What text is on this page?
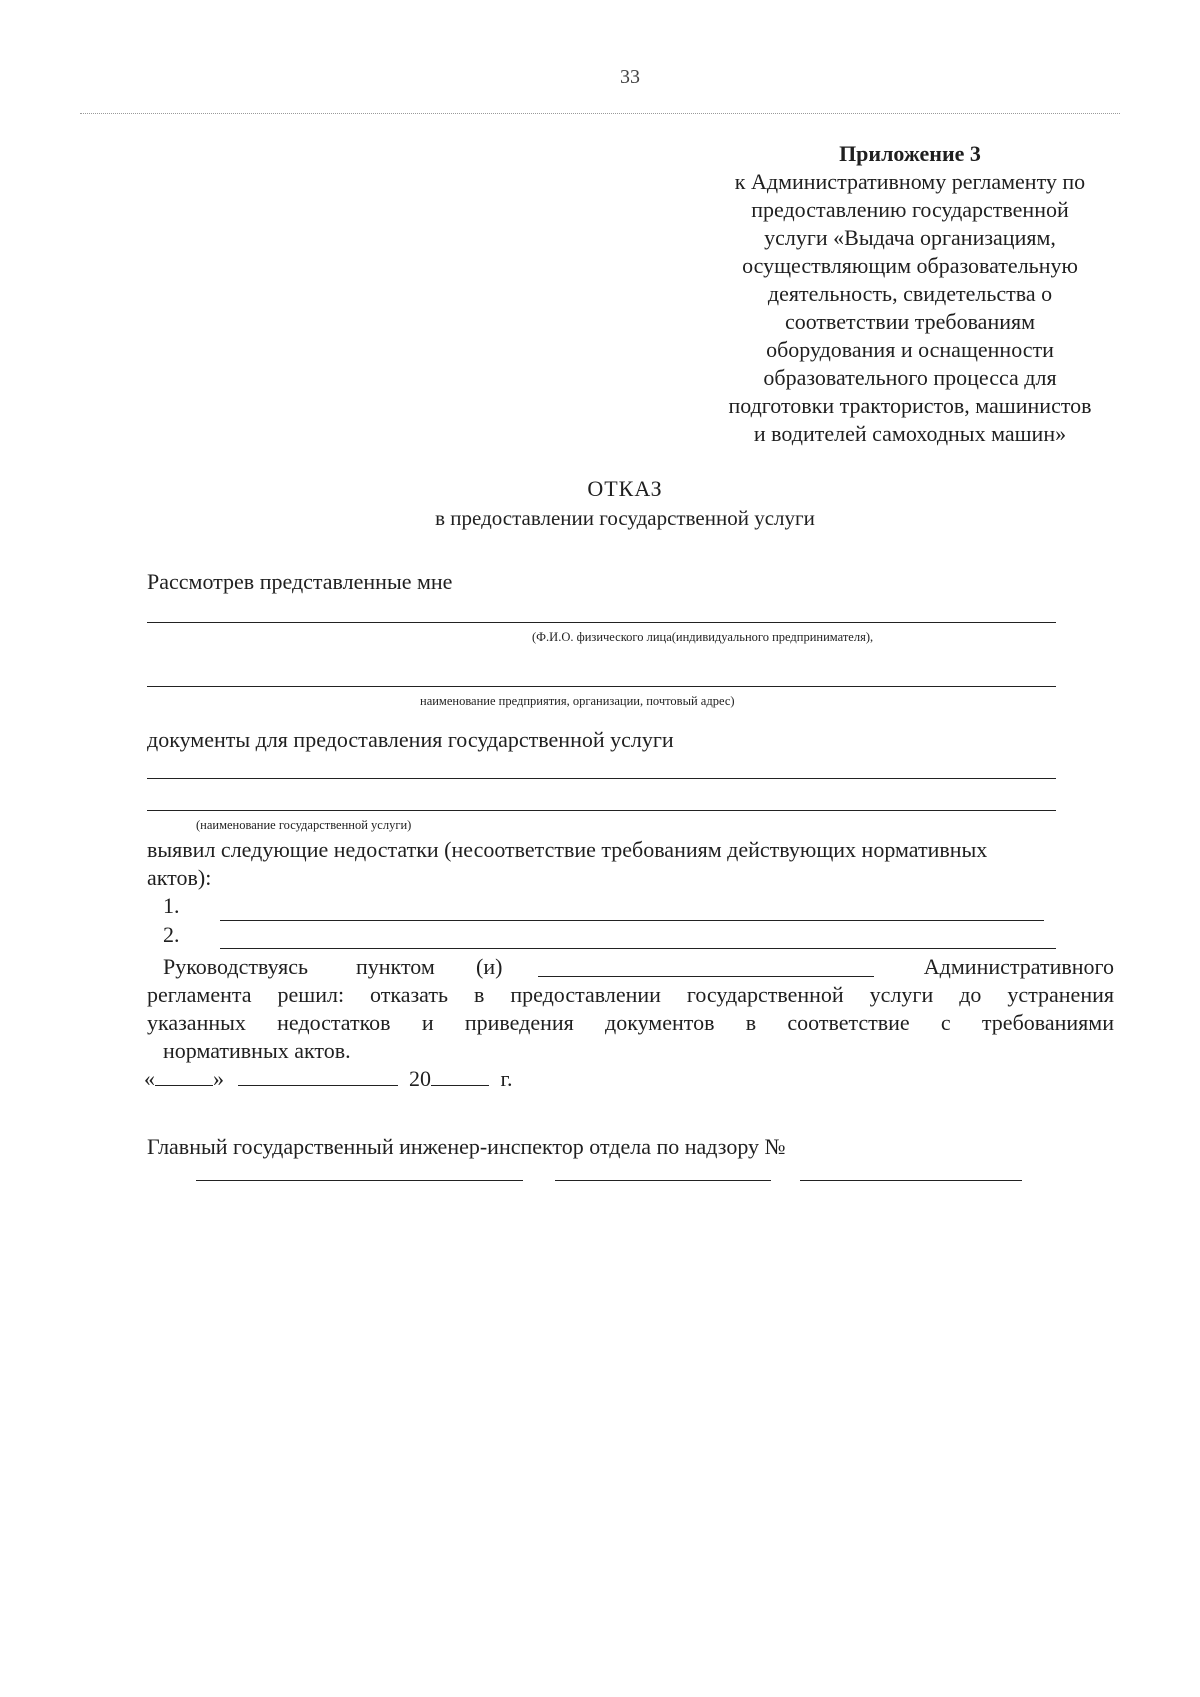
33
Приложение 3
к Административному регламенту по
предоставлению государственной
услуги «Выдача организациям,
осуществляющим образовательную
деятельность, свидетельства о
соответствии требованиям
оборудования и оснащенности
образовательного процесса для
подготовки трактористов, машинистов
и водителей самоходных машин»
ОТКАЗ
в предоставлении государственной услуги
Рассмотрев представленные мне
(Ф.И.О. физического лица(индивидуального предпринимателя),
наименование предприятия, организации, почтовый адрес)
документы для предоставления государственной услуги
(наименование государственной услуги)
выявил следующие недостатки (несоответствие требованиям действующих нормативных
актов):
1.
2.
Руководствуясь пунктом (и)	Административного
регламента решил: отказать в предоставлении государственной услуги до устранения
указанных недостатков и приведения документов в соответствие с требованиями
нормативных актов.
«	»	20	г.
Главный государственный инженер-инспектор отдела по надзору №
